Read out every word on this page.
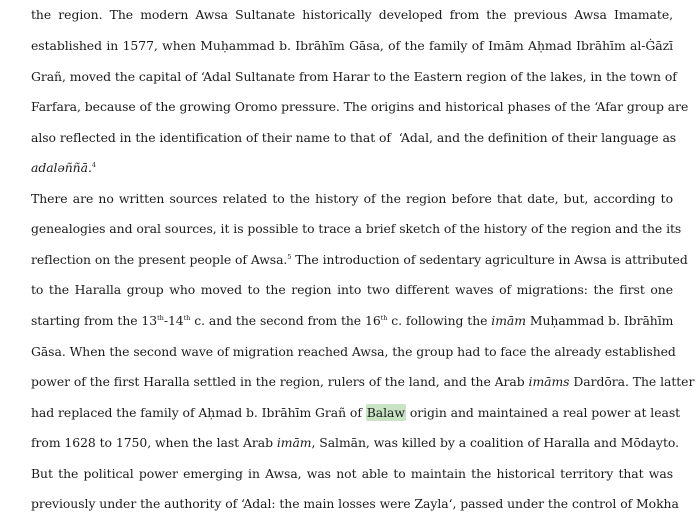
the region. The modern Awsa Sultanate historically developed from the previous Awsa Imamate,
established in 1577, when Muḥammad b. Ibrāhīm Gāsa, of the family of Imām Aḥmad Ibrāhīm al-Ġāzī
Grañ, moved the capital of ‘Adal Sultanate from Harar to the Eastern region of the lakes, in the town of
Farfara, because of the growing Oromo pressure. The origins and historical phases of the ‘Afar group are
also reflected in the identification of their name to that of  ‘Adal, and the definition of their language as
adaləññā.$^4$
There are no written sources related to the history of the region before that date, but, according to
genealogies and oral sources, it is possible to trace a brief sketch of the history of the region and the its
reflection on the present people of Awsa.$^5$ The introduction of sedentary agriculture in Awsa is attributed
to the Haralla group who moved to the region into two different waves of migrations: the first one
starting from the 13th-14th c. and the second from the 16th c. following the imām Muḥammad b. Ibrāhīm
Gāsa. When the second wave of migration reached Awsa, the group had to face the already established
power of the first Haralla settled in the region, rulers of the land, and the Arab imāms Dardōra. The latter
had replaced the family of Aḥmad b. Ibrāhīm Grañ of Balaw origin and maintained a real power at least
from 1628 to 1750, when the last Arab imām, Salmān, was killed by a coalition of Haralla and Mōdayto.
But the political power emerging in Awsa, was not able to maintain the historical territory that was
previously under the authority of ‘Adal: the main losses were Zayla‘, passed under the control of Mokha
